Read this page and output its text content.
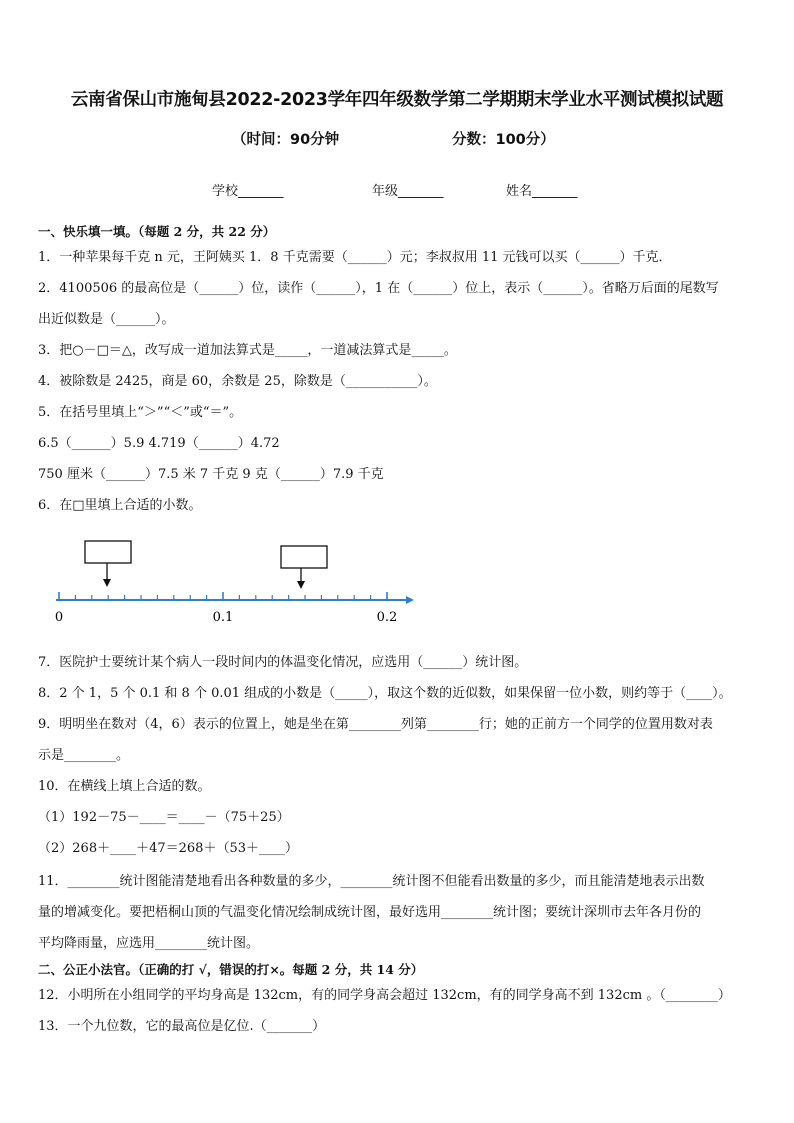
云南省保山市施甸县2022-2023学年四年级数学第二学期期末学业水平测试模拟试题
（时间：90分钟	分数：100分）
学校_______	年级_______	姓名_______
一、快乐填一填。（每题 2 分，共 22 分）
1．一种苹果每千克 n 元，王阿姨买 1．8 千克需要（______）元；李叔叔用 11 元钱可以买（______）千克．
2．4100506 的最高位是（______）位，读作（______），1 在（______）位上，表示（______）。省略万后面的尾数写
出近似数是（______）。
3．把○－□＝△，改写成一道加法算式是_____，一道减法算式是_____。
4．被除数是 2425，商是 60，余数是 25，除数是（___________）。
5．在括号里填上“＞”“＜”或“＝”。
6.5（______）5.9 4.719（______）4.72
750 厘米（______）7.5 米 7 千克 9 克（______）7.9 千克
6．在□里填上合适的小数。
0	0.1	0.2
7．医院护士要统计某个病人一段时间内的体温变化情况，应选用（______）统计图。
8．2 个 1，5 个 0.1 和 8 个 0.01 组成的小数是（_____），取这个数的近似数，如果保留一位小数，则约等于（____）。
9．明明坐在数对（4，6）表示的位置上，她是坐在第________列第________行；她的正前方一个同学的位置用数对表
示是________。
10．在横线上填上合适的数。
（1）192－75－____＝____－（75＋25）
（2）268＋____＋47＝268＋（53＋____）
11．________统计图能清楚地看出各种数量的多少，________统计图不但能看出数量的多少，而且能清楚地表示出数
量的增减变化。要把梧桐山顶的气温变化情况绘制成统计图，最好选用________统计图；要统计深圳市去年各月份的
平均降雨量，应选用________统计图。
二、公正小法官。（正确的打 √，错误的打×。每题 2 分，共 14 分）
12．小明所在小组同学的平均身高是 132cm，有的同学身高会超过 132cm，有的同学身高不到 132cm 。（________）
13．一个九位数，它的最高位是亿位.（_______）
